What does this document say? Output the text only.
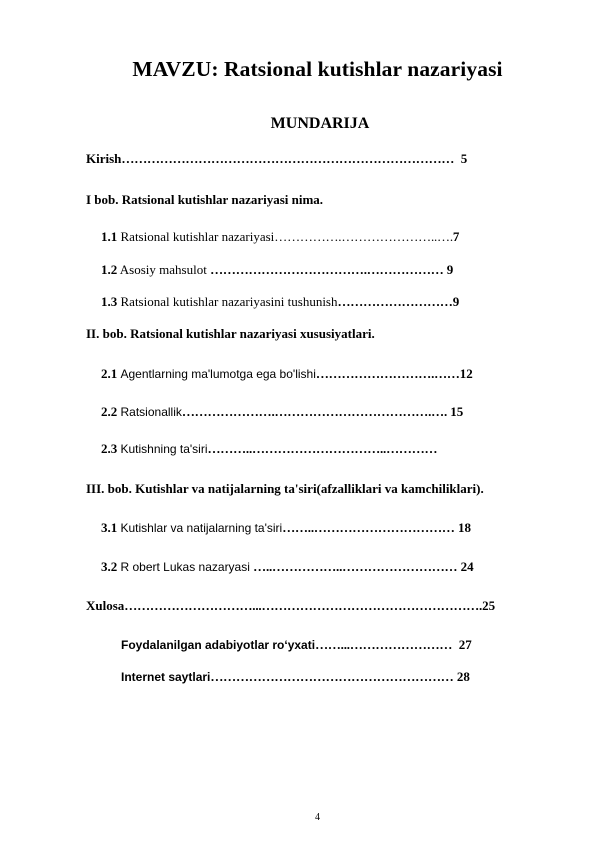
MAVZU: Ratsional kutishlar nazariyasi
MUNDARIJA
Kirish…………………………………………………………………… 5
I bob. Ratsional kutishlar nazariyasi nima.
1.1 Ratsional kutishlar nazariyasi…………….…………………..….7
1.2 Asosiy mahsulot ……………………………….……………… 9
1.3 Ratsional kutishlar nazariyasini tushunish………………………9
II. bob. Ratsional kutishlar nazariyasi xususiyatlari.
2.1 Agentlarning ma'lumotga ega bo'lishi……………………….……12
2.2 Ratsionallik………………….……………………………….…. 15
2.3 Kutishning ta'siri………..…………………………..…………
III. bob. Kutishlar va natijalarning ta'siri(afzalliklari va kamchiliklari).
3.1 Kutishlar va natijalarning ta'siri……..…………………………… 18
3.2 R obert Lukas nazaryasi …..……………..……………………… 24
Xulosa…………………………...…………………………………………….25
Foydalanilgan adabiyotlar ro‘yxati……...…………………… 27
Internet saytlari………………………………………………… 28
4
